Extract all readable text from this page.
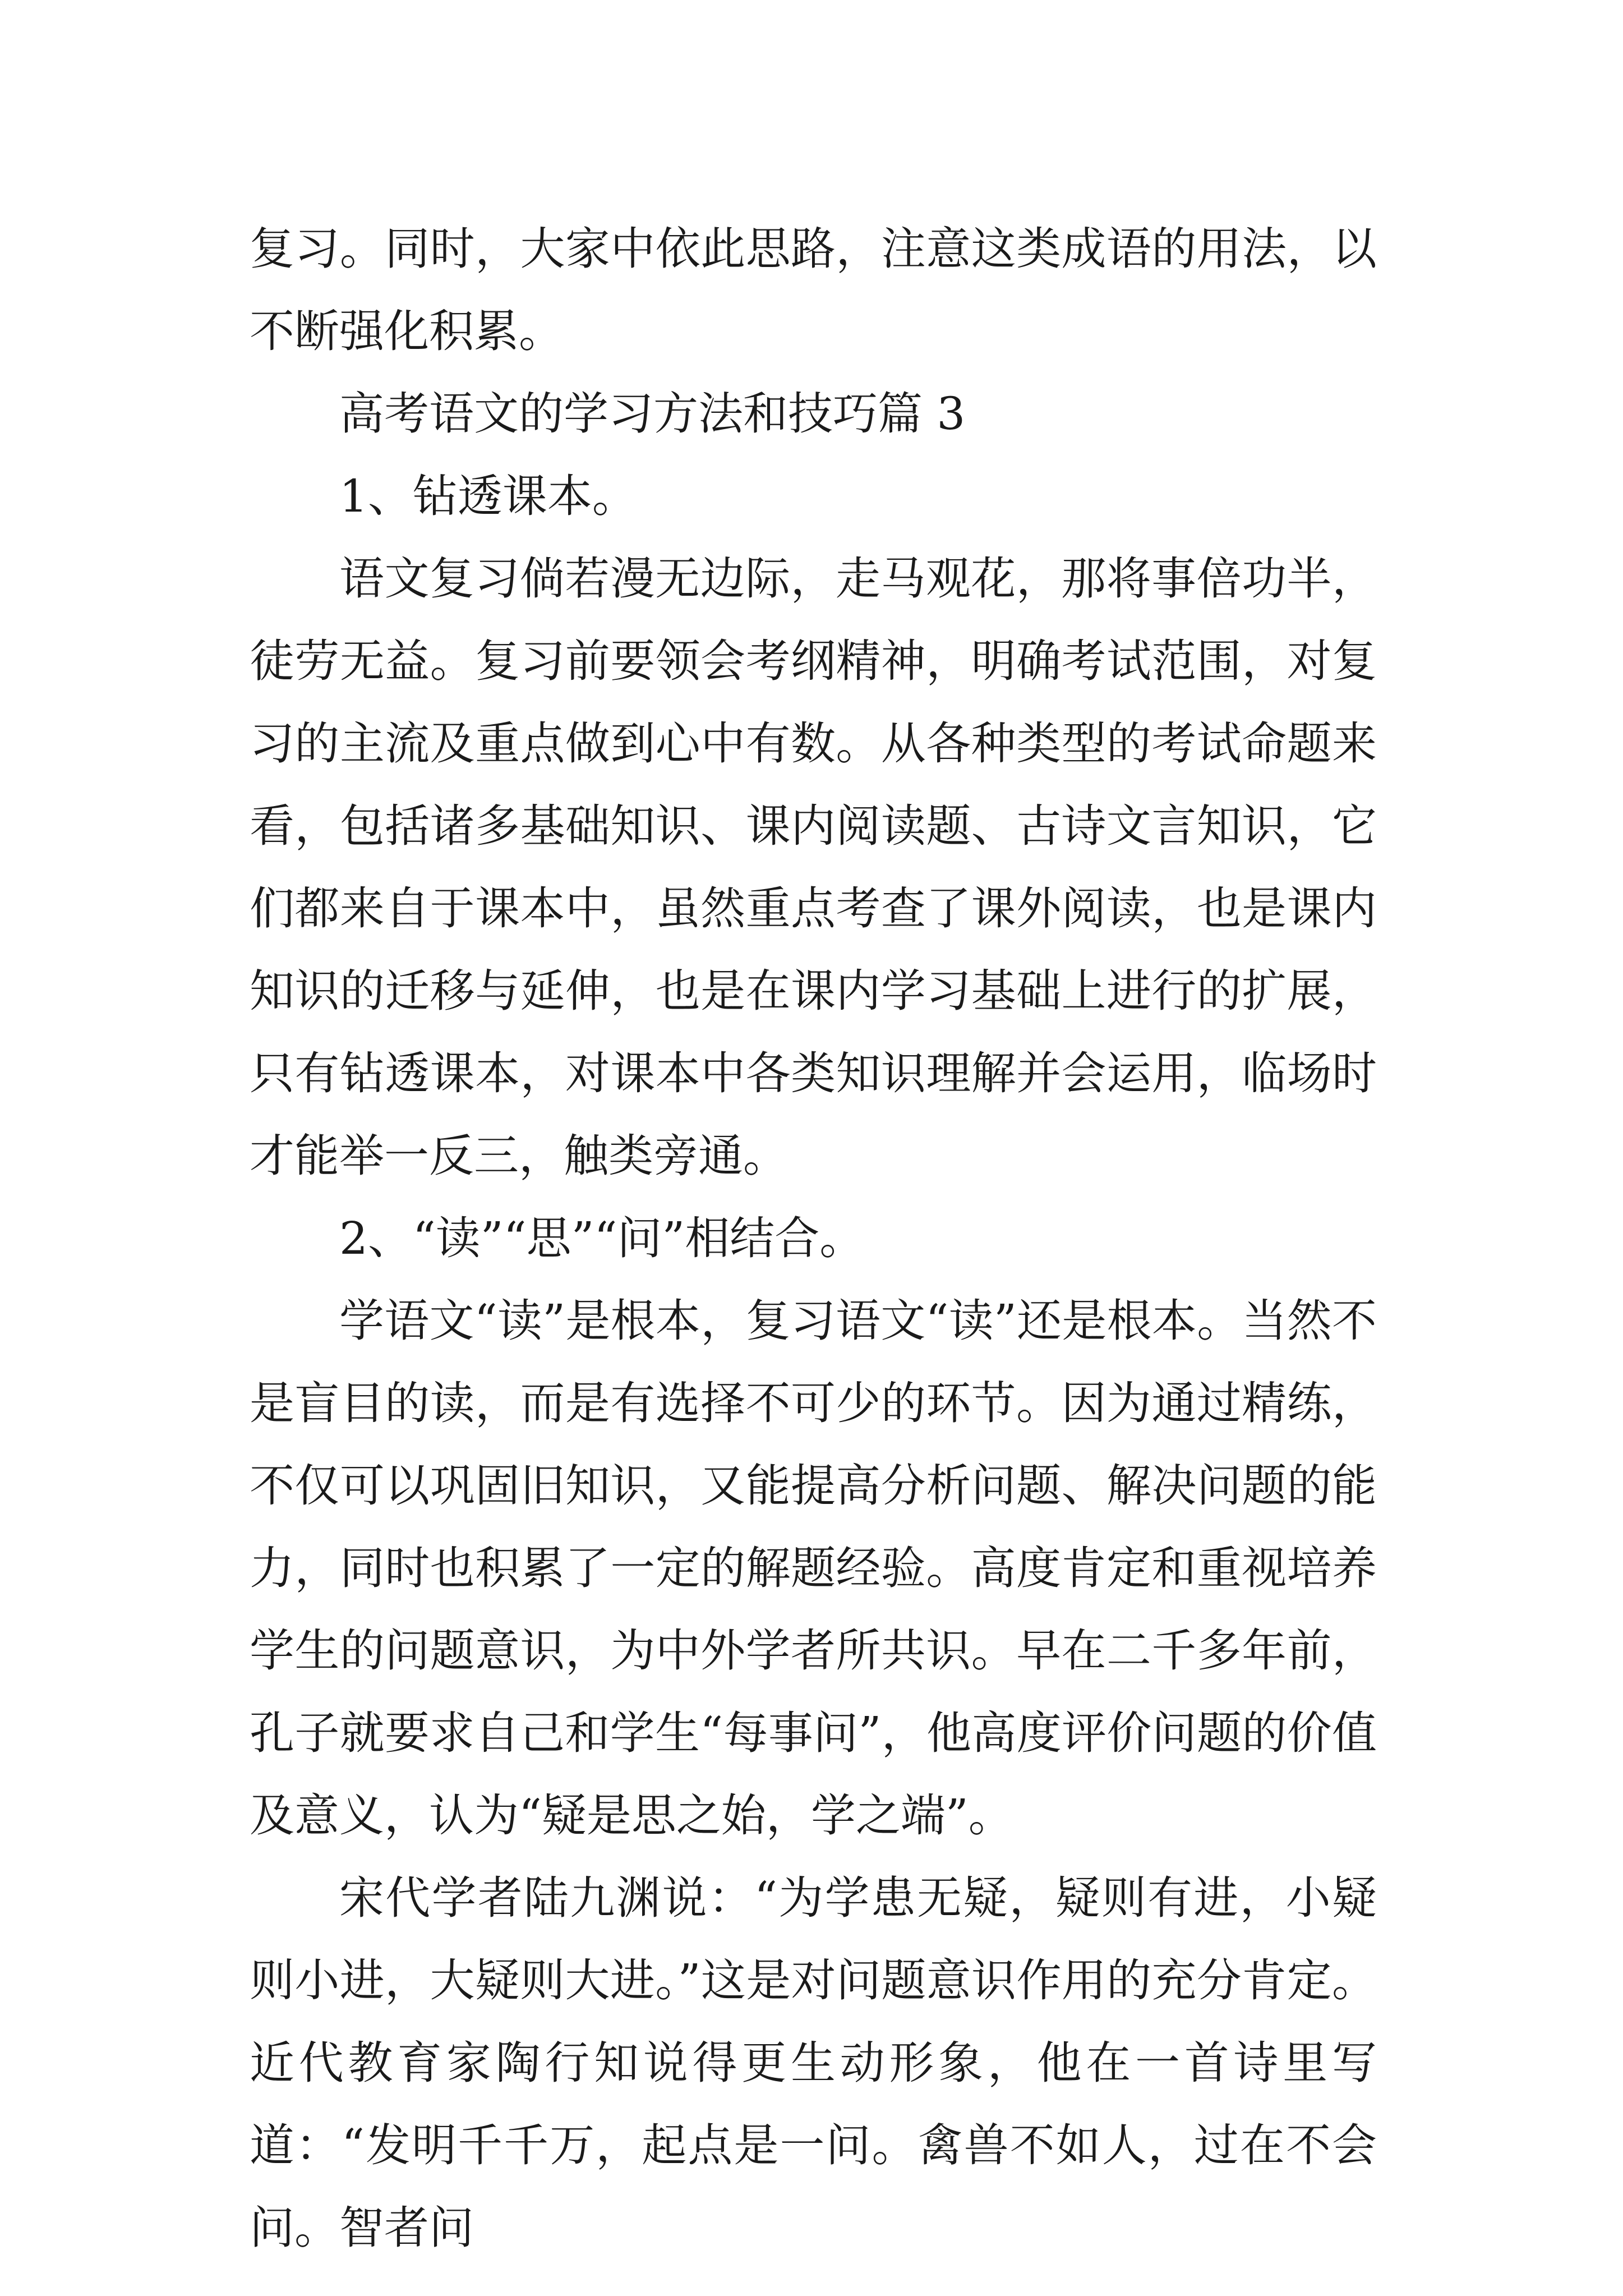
复习。同时，大家中依此思路，注意这类成语的用法，以不断强化积累。

高考语文的学习方法和技巧篇 3

1、钻透课本。

语文复习倘若漫无边际，走马观花，那将事倍功半，徒劳无益。复习前要领会考纲精神，明确考试范围，对复习的主流及重点做到心中有数。从各种类型的考试命题来看，包括诸多基础知识、课内阅读题、古诗文言知识，它们都来自于课本中，虽然重点考查了课外阅读，也是课内知识的迁移与延伸，也是在课内学习基础上进行的扩展，只有钻透课本，对课本中各类知识理解并会运用，临场时才能举一反三，触类旁通。

2、“读”“思”“问”相结合。

学语文“读”是根本，复习语文“读”还是根本。当然不是盲目的读，而是有选择不可少的环节。因为通过精练，不仅可以巩固旧知识，又能提高分析问题、解决问题的能力，同时也积累了一定的解题经验。高度肯定和重视培养学生的问题意识，为中外学者所共识。早在二千多年前，孔子就要求自己和学生“每事问”，他高度评价问题的价值及意义，认为“疑是思之始，学之端”。

宋代学者陆九渊说：“为学患无疑，疑则有进，小疑则小进，大疑则大进。”这是对问题意识作用的充分肯定。近代教育家陶行知说得更生动形象，他在一首诗里写道：“发明千千万，起点是一问。禽兽不如人，过在不会问。智者问
